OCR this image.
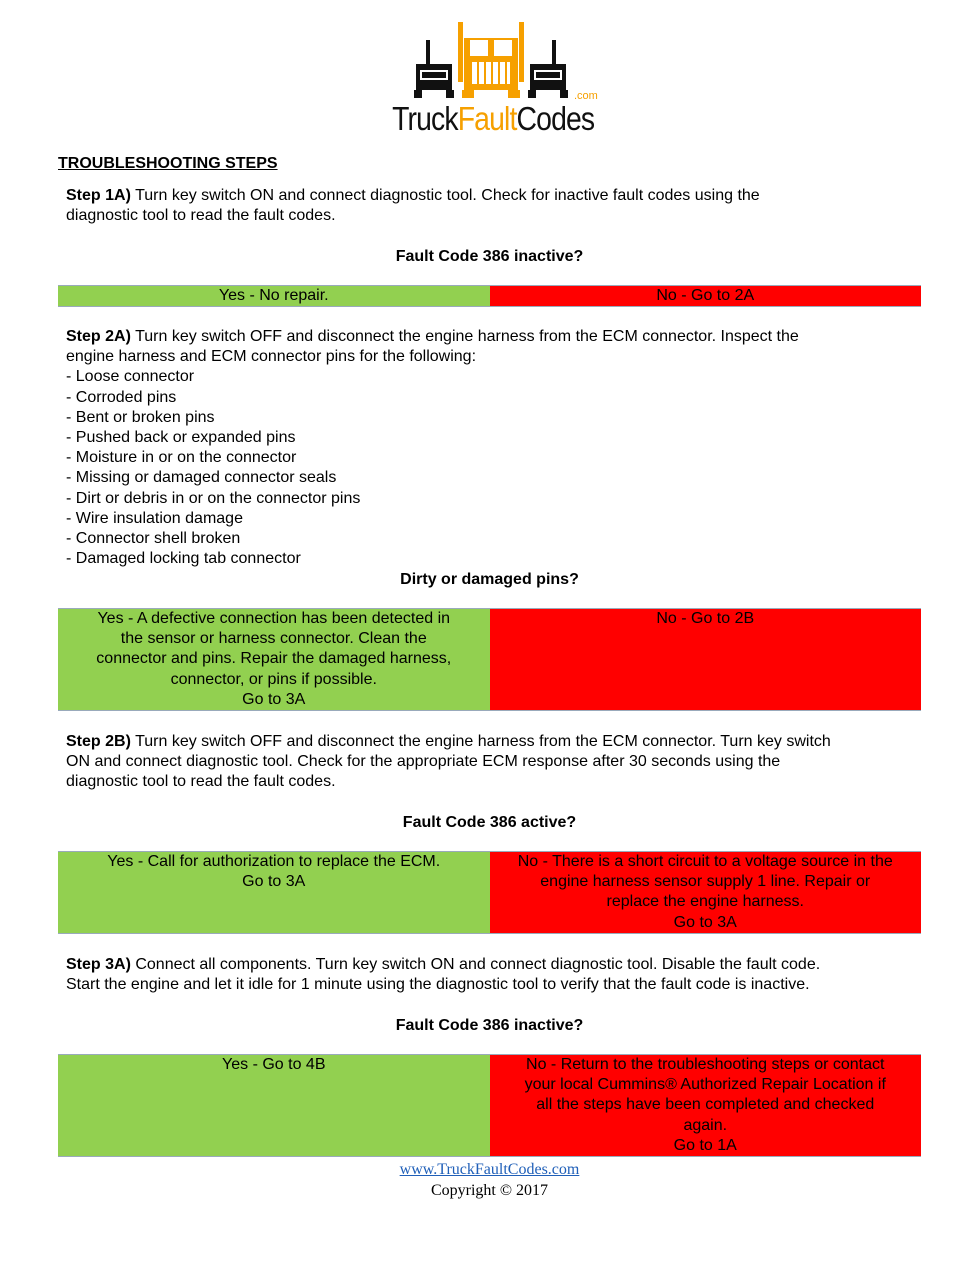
.com
TruckFaultCodes
TROUBLESHOOTING STEPS
Step 1A) Turn key switch ON and connect diagnostic tool. Check for inactive fault codes using the
diagnostic tool to read the fault codes.
Fault Code 386 inactive?
Yes - No repair.	No - Go to 2A
Step 2A) Turn key switch OFF and disconnect the engine harness from the ECM connector. Inspect the
engine harness and ECM connector pins for the following:
- Loose connector
- Corroded pins
- Bent or broken pins
- Pushed back or expanded pins
- Moisture in or on the connector
- Missing or damaged connector seals
- Dirt or debris in or on the connector pins
- Wire insulation damage
- Connector shell broken
- Damaged locking tab connector
Dirty or damaged pins?
Yes - A defective connection has been detected in
the sensor or harness connector. Clean the
connector and pins. Repair the damaged harness,
connector, or pins if possible.
Go to 3A
No - Go to 2B
Step 2B) Turn key switch OFF and disconnect the engine harness from the ECM connector. Turn key switch
ON and connect diagnostic tool. Check for the appropriate ECM response after 30 seconds using the
diagnostic tool to read the fault codes.
Fault Code 386 active?
Yes - Call for authorization to replace the ECM.
Go to 3A
No - There is a short circuit to a voltage source in the
engine harness sensor supply 1 line. Repair or
replace the engine harness.
Go to 3A
Step 3A) Connect all components. Turn key switch ON and connect diagnostic tool. Disable the fault code.
Start the engine and let it idle for 1 minute using the diagnostic tool to verify that the fault code is inactive.
Fault Code 386 inactive?
Yes - Go to 4B	No - Return to the troubleshooting steps or contact
your local Cummins® Authorized Repair Location if
all the steps have been completed and checked
again.
Go to 1A
www.TruckFaultCodes.com
Copyright © 2017
